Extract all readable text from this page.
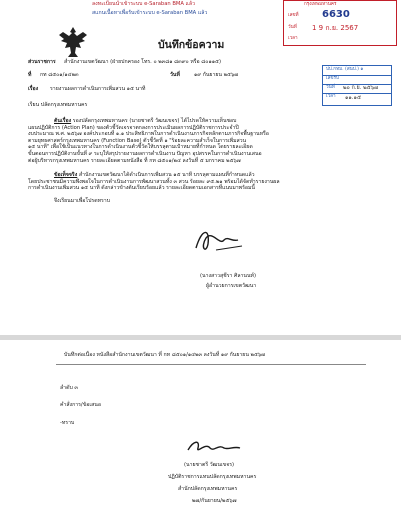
ลงทะเบียนนำเข้าระบบ e-Saraban BMA แล้ว
สแกนเนื้อหาเพื่อรับเข้าระบบ e-Saraban BMA แล้ว
กรุงเทพมหานคร
เลขที่ 6630
วันที่ 1 9 ก.ย. 2567
เวลา
บันทึกข้อความ
ส่วนราชการ สำนักงานเขตวัฒนา (ฝ่ายปกครอง โทร. ๐ ๒๓๘๑ ๘๓๙๐ หรือ ๘๐๑๑๕)
ที่ กท ๘๕๐๑/๑๔๒๓	วันที่	๑๙ กันยายน ๒๕๖๗
เรื่อง รายงานผลการดำเนินการเพิ่มสวน ๑๕ นาที
ปป.กทม. (สนป.) ๑
เลขรับ
วันที่ ๒๐ ก.ย. ๒๕๖๗
เวลา ๑๑.๑๕
เรียน ปลัดกรุงเทพมหานคร
ต้นเรื่อง รองปลัดกรุงเทพมหานคร (นายชาตรี วัฒนเขจร) ได้ไปรดให้ความเห็นชอบ
แผนปฏิบัติการ (Action Plan) ของตัวชี้วัดเจรจาตกลงการประเมินผลการปฏิบัติราชการประจำปี
งบประมาณ พ.ศ. ๒๕๖๗ องค์ประกอบที่ ๑.๑ ประสิทธิภาพในการดำเนินงานภารกิจหลักตามภารกิจพื้นฐานหรือ
ตามยุทธศาสตร์กรุงเทพมหานคร (Function Base) ตัวชี้วัดที่ ๑ "ร้อยละความสำเร็จในการเพิ่มสวน
๑๕ นาที" เพื่อใช้เป็นแนวทางในการดำเนินงานตัวชี้วัดให้บรรลุตามเป้าหมายที่กำหนด โดยรายละเอียด
ขั้นตอนการปฏิบัติงานขั้นที่ ๙ ระบุให้สรุปรายงานผลการดำเนินงาน ปัญหา อุปสรรคในการดำเนินงานเสนอ
ต่อผู้บริหารกรุงเทพมหานคร รายละเอียดตามหนังสือ ที่ กท ๘๕๐๑/๒๔ ลงวันที่ ๕ มกราคม ๒๕๖๗
ข้อเท็จจริง สำนักงานเขตวัฒนาได้ดำเนินการเพิ่มสวน ๑๕ นาที บรรลุตามแผนที่กำหนดแล้ว
โดยประชาชนมีความพึงพอใจในการดำเนินงานการพัฒนาสวนทั้ง ๓ สวน ร้อยละ ๙๕.๒๑ พร้อมได้จัดทำรายงานผล
การดำเนินงานเพิ่มสวน ๑๕ นาที ดังกล่าวข้างต้นเรียบร้อยแล้ว รายละเอียดตามเอกสารที่แนบมาพร้อมนี้
จึงเรียนมาเพื่อโปรดทราบ
(นางสาวสุชีรา ศิลานนท์)
ผู้อำนวยการเขตวัฒนา
บันทึกต่อเนื่อง หนังสือสำนักงานเขตวัฒนา ที่ กท ๘๕๐๑/๑๔๒๓ ลงวันที่ ๑๙ กันยายน ๒๕๖๗
ลำดับ ๓
คำสั่งการ/ข้อเสนอ
-ทราบ
(นายชาตรี วัฒนเขจร)
ปฏิบัติราชการแทนปลัดกรุงเทพมหานคร
สำนักปลัดกรุงเทพมหานคร
๒๗/กันยายน/๒๕๖๗
